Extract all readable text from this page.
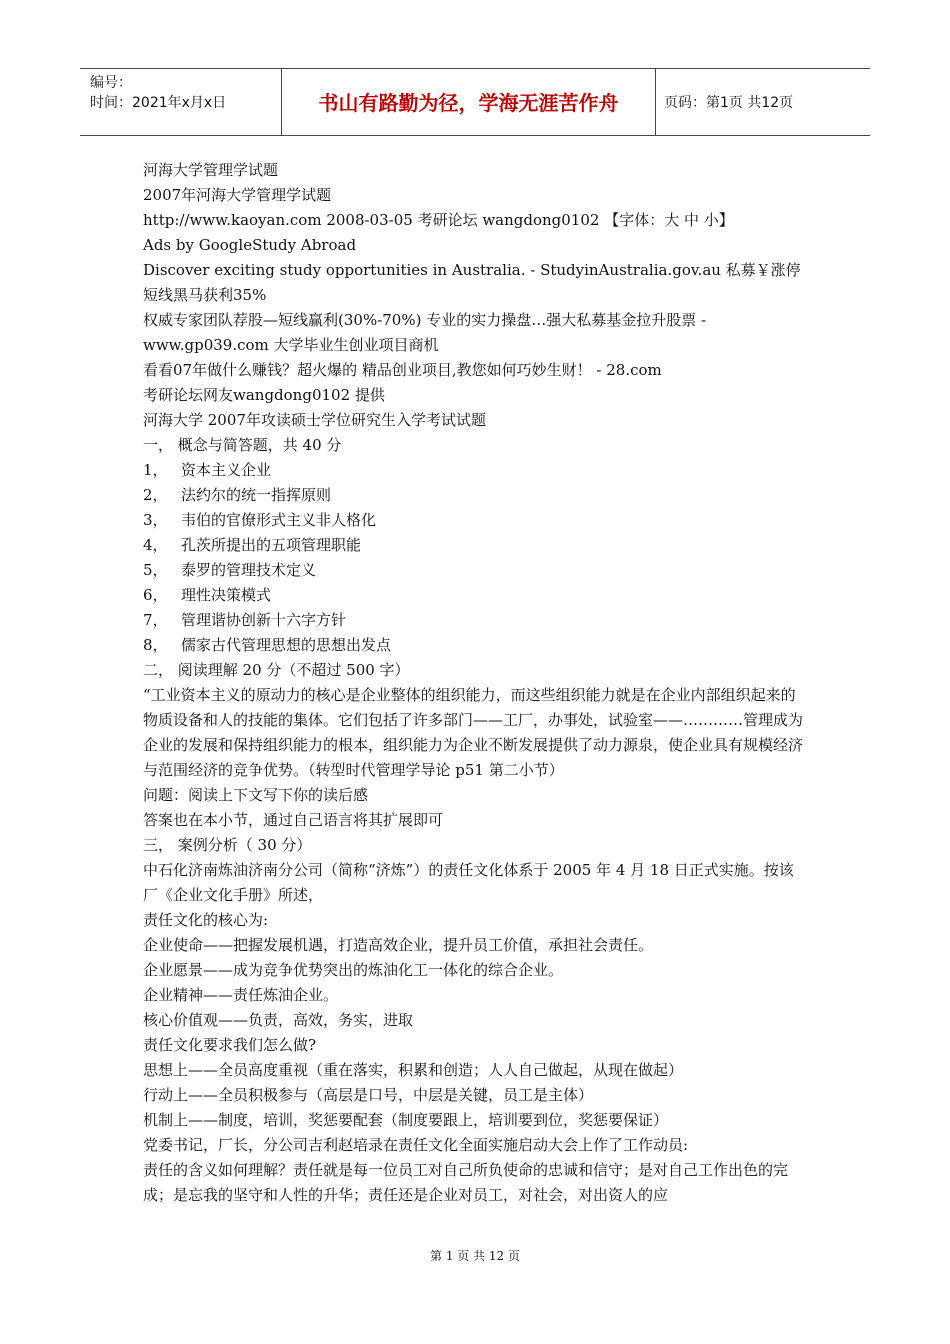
编号：
时间：2021年x月x日	书山有路勤为径，学海无涯苦作舟	页码：第1页 共12页

河海大学管理学试题

2007年河海大学管理学试题

http://www.kaoyan.com 2008-03-05 考研论坛 wangdong0102 【字体：大 中 小】

Ads by GoogleStudy Abroad

Discover exciting study opportunities in Australia. - StudyinAustralia.gov.au 私募￥涨停短线黑马获利35%

权威专家团队荐股—短线赢利(30%-70%) 专业的实力操盘…强大私募基金拉升股票 - www.gp039.com 大学毕业生创业项目商机

看看07年做什么赚钱？超火爆的 精品创业项目,教您如何巧妙生财！ - 28.com

考研论坛网友wangdong0102 提供

河海大学 2007年攻读硕士学位研究生入学考试试题

一， 概念与简答题，共 40 分

1， 资本主义企业

2， 法约尔的统一指挥原则

3， 韦伯的官僚形式主义非人格化

4， 孔茨所提出的五项管理职能

5， 泰罗的管理技术定义

6， 理性决策模式

7， 管理谐协创新十六字方针

8， 儒家古代管理思想的思想出发点

二， 阅读理解 20 分（不超过 500 字）

“工业资本主义的原动力的核心是企业整体的组织能力，而这些组织能力就是在企业内部组织起来的物质设备和人的技能的集体。它们包括了许多部门——工厂，办事处，试验室——…………管理成为企业的发展和保持组织能力的根本，组织能力为企业不断发展提供了动力源泉，使企业具有规模经济与范围经济的竞争优势。（转型时代管理学导论 p51 第二小节）

问题：阅读上下文写下你的读后感

答案也在本小节，通过自己语言将其扩展即可

三， 案例分析（ 30 分）

中石化济南炼油济南分公司（简称“济炼”）的责任文化体系于 2005 年 4 月 18 日正式实施。按该厂《企业文化手册》所述，

责任文化的核心为:

企业使命——把握发展机遇，打造高效企业，提升员工价值，承担社会责任。

企业愿景——成为竞争优势突出的炼油化工一体化的综合企业。

企业精神——责任炼油企业。

核心价值观——负责，高效，务实，进取

责任文化要求我们怎么做?

思想上——全员高度重视（重在落实，积累和创造；人人自己做起，从现在做起）

行动上——全员积极参与（高层是口号，中层是关键，员工是主体）

机制上——制度，培训，奖惩要配套（制度要跟上，培训要到位，奖惩要保证）

党委书记，厂长，分公司吉利赵培录在责任文化全面实施启动大会上作了工作动员:

责任的含义如何理解？责任就是每一位员工对自己所负使命的忠诚和信守；是对自己工作出色的完成；是忘我的坚守和人性的升华；责任还是企业对员工，对社会，对出资人的应

第 1 页 共 12 页
